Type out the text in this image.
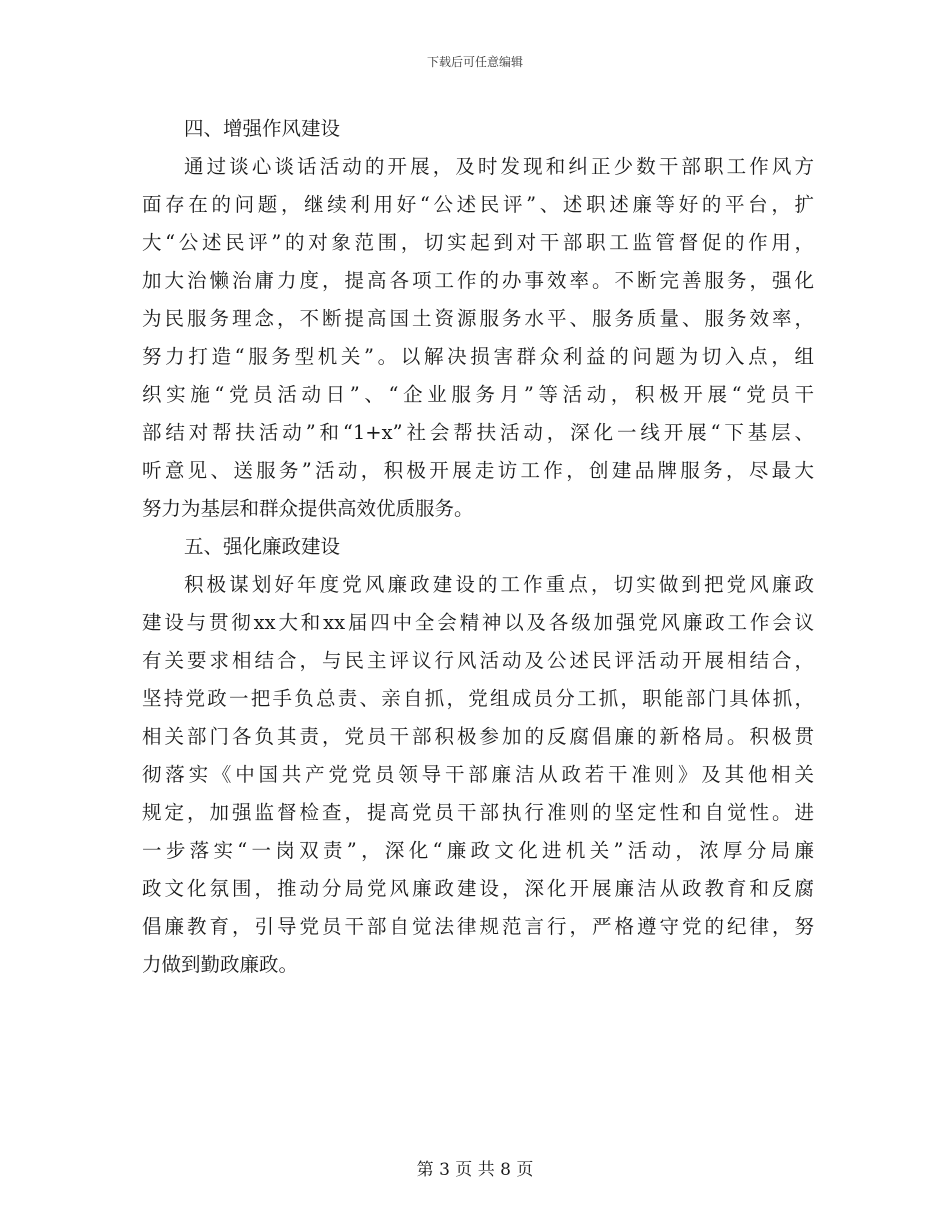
下载后可任意编辑
四、增强作风建设
通过谈心谈话活动的开展，及时发现和纠正少数干部职工作风方
面存在的问题，继续利用好“公述民评”、述职述廉等好的平台，扩
大“公述民评”的对象范围，切实起到对干部职工监管督促的作用，
加大治懒治庸力度，提高各项工作的办事效率。不断完善服务，强化
为民服务理念，不断提高国土资源服务水平、服务质量、服务效率，
努力打造“服务型机关”。以解决损害群众利益的问题为切入点，组
织实施“党员活动日”、“企业服务月”等活动，积极开展“党员干
部结对帮扶活动”和“1+x”社会帮扶活动，深化一线开展“下基层、
听意见、送服务”活动，积极开展走访工作，创建品牌服务，尽最大
努力为基层和群众提供高效优质服务。
五、强化廉政建设
积极谋划好年度党风廉政建设的工作重点，切实做到把党风廉政
建设与贯彻xx大和xx届四中全会精神以及各级加强党风廉政工作会议
有关要求相结合，与民主评议行风活动及公述民评活动开展相结合，
坚持党政一把手负总责、亲自抓，党组成员分工抓，职能部门具体抓，
相关部门各负其责，党员干部积极参加的反腐倡廉的新格局。积极贯
彻落实《中国共产党党员领导干部廉洁从政若干准则》及其他相关
规定，加强监督检查，提高党员干部执行准则的坚定性和自觉性。进
一步落实“一岗双责”，深化“廉政文化进机关”活动，浓厚分局廉
政文化氛围，推动分局党风廉政建设，深化开展廉洁从政教育和反腐
倡廉教育，引导党员干部自觉法律规范言行，严格遵守党的纪律，努
力做到勤政廉政。
第 3 页 共 8 页
